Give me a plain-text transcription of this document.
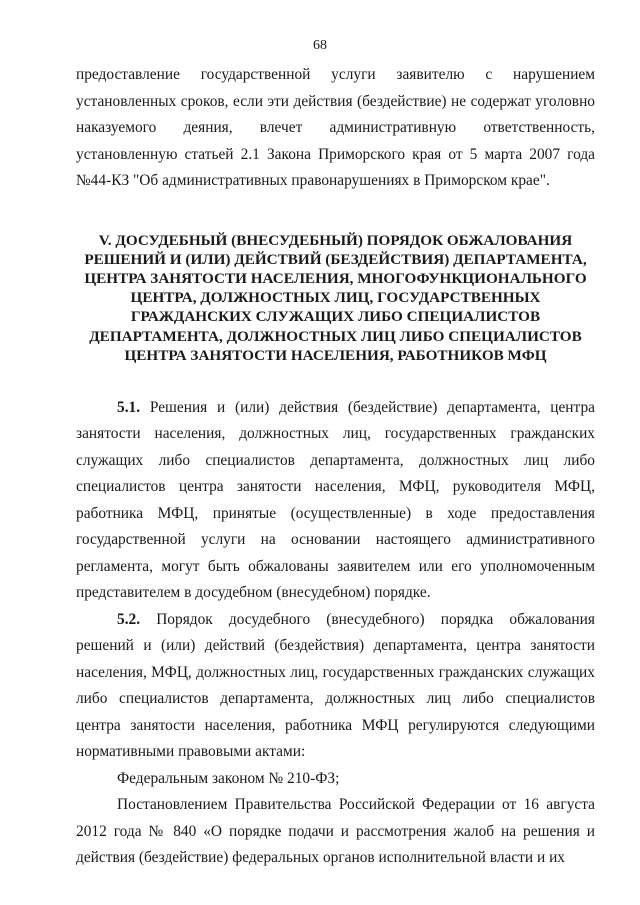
68

предоставление государственной услуги заявителю с нарушением установленных сроков, если эти действия (бездействие) не содержат уголовно наказуемого деяния, влечет административную ответственность, установленную статьей 2.1 Закона Приморского края от 5 марта 2007 года №44-КЗ "Об административных правонарушениях в Приморском крае".

V. ДОСУДЕБНЫЙ (ВНЕСУДЕБНЫЙ) ПОРЯДОК ОБЖАЛОВАНИЯ РЕШЕНИЙ И (ИЛИ) ДЕЙСТВИЙ (БЕЗДЕЙСТВИЯ) ДЕПАРТАМЕНТА, ЦЕНТРА ЗАНЯТОСТИ НАСЕЛЕНИЯ, МНОГОФУНКЦИОНАЛЬНОГО ЦЕНТРА, ДОЛЖНОСТНЫХ ЛИЦ, ГОСУДАРСТВЕННЫХ ГРАЖДАНСКИХ СЛУЖАЩИХ ЛИБО СПЕЦИАЛИСТОВ ДЕПАРТАМЕНТА, ДОЛЖНОСТНЫХ ЛИЦ ЛИБО СПЕЦИАЛИСТОВ ЦЕНТРА ЗАНЯТОСТИ НАСЕЛЕНИЯ, РАБОТНИКОВ МФЦ

5.1. Решения и (или) действия (бездействие) департамента, центра занятости населения, должностных лиц, государственных гражданских служащих либо специалистов департамента, должностных лиц либо специалистов центра занятости населения, МФЦ, руководителя МФЦ, работника МФЦ, принятые (осуществленные) в ходе предоставления государственной услуги на основании настоящего административного регламента, могут быть обжалованы заявителем или его уполномоченным представителем в досудебном (внесудебном) порядке.

5.2. Порядок досудебного (внесудебного) порядка обжалования решений и (или) действий (бездействия) департамента, центра занятости населения, МФЦ, должностных лиц, государственных гражданских служащих либо специалистов департамента, должностных лиц либо специалистов центра занятости населения, работника МФЦ регулируются следующими нормативными правовыми актами:

Федеральным законом № 210-ФЗ;

Постановлением Правительства Российской Федерации от 16 августа 2012 года № 840 «О порядке подачи и рассмотрения жалоб на решения и действия (бездействие) федеральных органов исполнительной власти и их
